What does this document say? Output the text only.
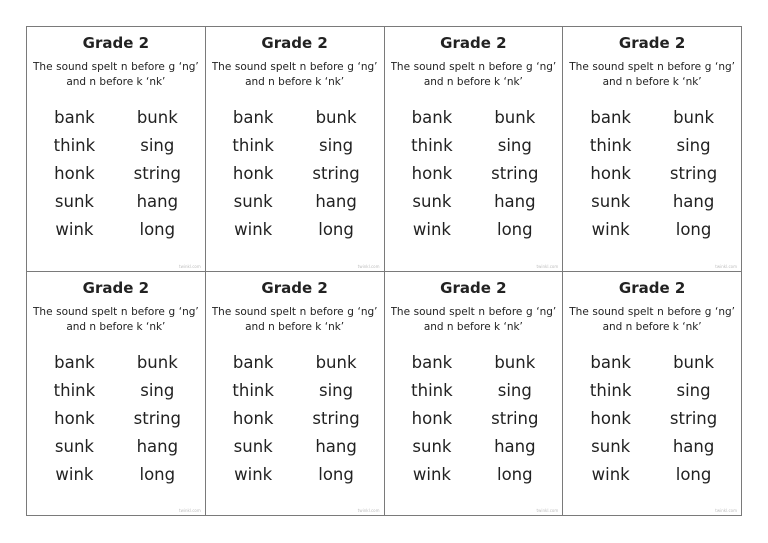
Grade 2
The sound spelt n before g ‘ng’ and n before k ‘nk’
bank	bunk
think	sing
honk	string
sunk	hang
wink	long
twinkl.com
Grade 2
The sound spelt n before g ‘ng’ and n before k ‘nk’
bank	bunk
think	sing
honk	string
sunk	hang
wink	long
twinkl.com
Grade 2
The sound spelt n before g ‘ng’ and n before k ‘nk’
bank	bunk
think	sing
honk	string
sunk	hang
wink	long
twinkl.com
Grade 2
The sound spelt n before g ‘ng’ and n before k ‘nk’
bank	bunk
think	sing
honk	string
sunk	hang
wink	long
twinkl.com
Grade 2
The sound spelt n before g ‘ng’ and n before k ‘nk’
bank	bunk
think	sing
honk	string
sunk	hang
wink	long
twinkl.com
Grade 2
The sound spelt n before g ‘ng’ and n before k ‘nk’
bank	bunk
think	sing
honk	string
sunk	hang
wink	long
twinkl.com
Grade 2
The sound spelt n before g ‘ng’ and n before k ‘nk’
bank	bunk
think	sing
honk	string
sunk	hang
wink	long
twinkl.com
Grade 2
The sound spelt n before g ‘ng’ and n before k ‘nk’
bank	bunk
think	sing
honk	string
sunk	hang
wink	long
twinkl.com
